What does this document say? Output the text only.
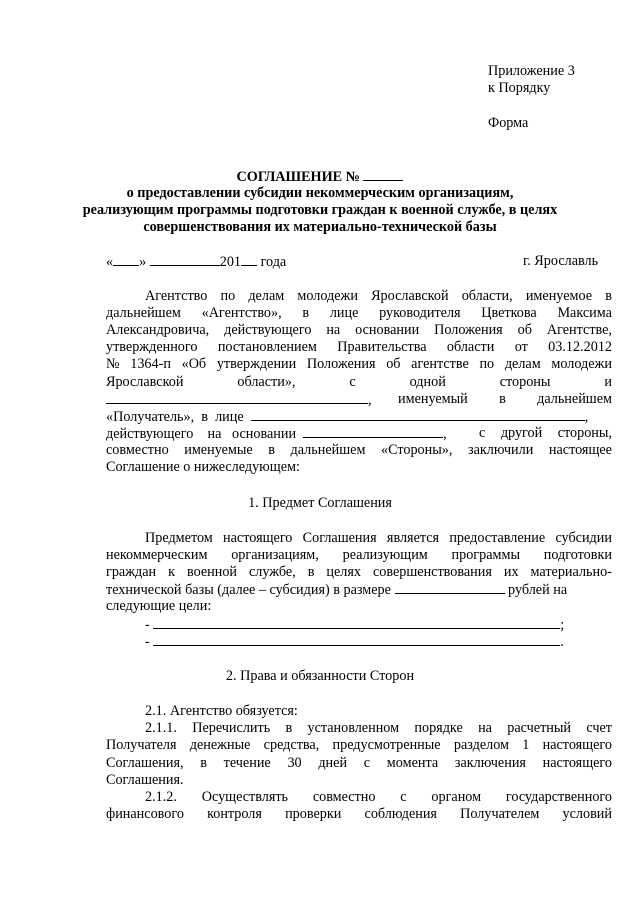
Приложение 3
к Порядку
Форма
СОГЛАШЕНИЕ №
о предоставлении субсидии некоммерческим организациям,
реализующим программы подготовки граждан к военной службе, в целях
совершенствования их материально-технической базы
« »	201 года	г. Ярославль
Агентство по делам молодежи Ярославской области, именуемое в
дальнейшем «Агентство», в лице руководителя Цветкова Максима
Александровича, действующего на основании Положения об Агентстве,
утвержденного постановлением Правительства области от 03.12.2012
№ 1364-п «Об утверждении Положения об агентстве по делам молодежи
Ярославской	области»,	с	одной	стороны	и
, именуемый в дальнейшем
«Получатель», в лице	,
действующего на основании	, с другой стороны,
совместно именуемые в дальнейшем «Стороны», заключили настоящее
Соглашение о нижеследующем:
1. Предмет Соглашения
Предметом настоящего Соглашения является предоставление субсидии
некоммерческим организациям, реализующим программы подготовки
граждан к военной службе, в целях совершенствования их материально-
технической базы (далее – субсидия) в размере	рублей на
следующие цели:
-	;
-	.
2. Права и обязанности Сторон
2.1. Агентство обязуется:
2.1.1. Перечислить в установленном порядке на расчетный счет
Получателя денежные средства, предусмотренные разделом 1 настоящего
Соглашения, в течение 30 дней с момента заключения настоящего
Соглашения.
2.1.2. Осуществлять совместно с органом государственного
финансового контроля проверки соблюдения Получателем условий
